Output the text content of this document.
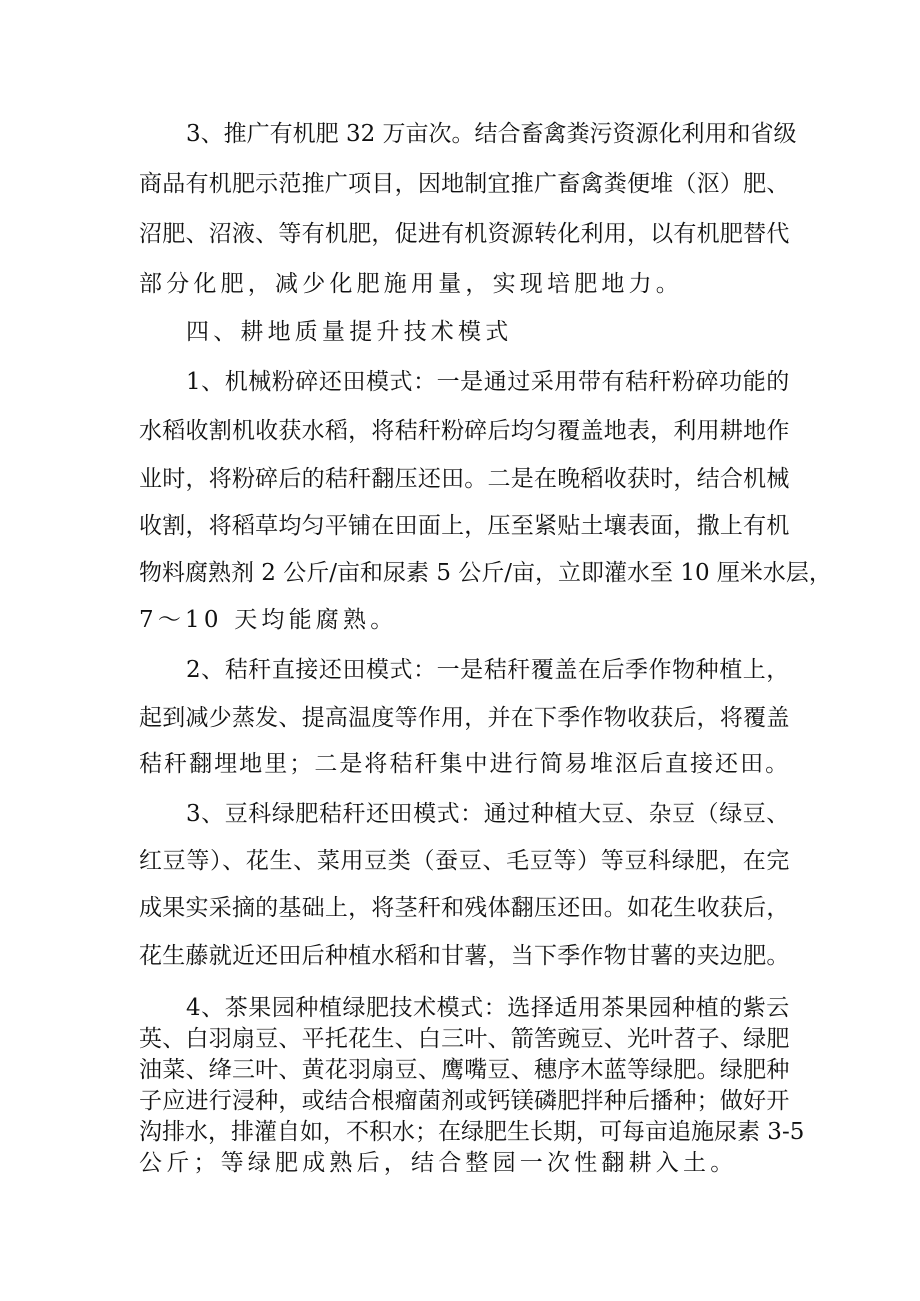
3、推广有机肥 32 万亩次。结合畜禽粪污资源化利用和省级
商品有机肥示范推广项目，因地制宜推广畜禽粪便堆（沤）肥、
沼肥、沼液、等有机肥，促进有机资源转化利用，以有机肥替代
部分化肥，减少化肥施用量，实现培肥地力。
四、耕地质量提升技术模式
1、机械粉碎还田模式：一是通过采用带有秸秆粉碎功能的
水稻收割机收获水稻，将秸秆粉碎后均匀覆盖地表，利用耕地作
业时，将粉碎后的秸秆翻压还田。二是在晚稻收获时，结合机械
收割，将稻草均匀平铺在田面上，压至紧贴土壤表面，撒上有机
物料腐熟剂 2 公斤/亩和尿素 5 公斤/亩，立即灌水至 10 厘米水层，
7～10 天均能腐熟。
2、秸秆直接还田模式：一是秸秆覆盖在后季作物种植上，
起到减少蒸发、提高温度等作用，并在下季作物收获后，将覆盖
秸秆翻埋地里；二是将秸秆集中进行简易堆沤后直接还田。
3、豆科绿肥秸秆还田模式：通过种植大豆、杂豆（绿豆、
红豆等）、花生、菜用豆类（蚕豆、毛豆等）等豆科绿肥，在完
成果实采摘的基础上，将茎秆和残体翻压还田。如花生收获后，
花生藤就近还田后种植水稻和甘薯，当下季作物甘薯的夹边肥。
4、茶果园种植绿肥技术模式：选择适用茶果园种植的紫云
英、白羽扇豆、平托花生、白三叶、箭筈豌豆、光叶苕子、绿肥
油菜、绛三叶、黄花羽扇豆、鹰嘴豆、穗序木蓝等绿肥。绿肥种
子应进行浸种，或结合根瘤菌剂或钙镁磷肥拌种后播种；做好开
沟排水，排灌自如，不积水；在绿肥生长期，可每亩追施尿素 3-5
公斤；等绿肥成熟后，结合整园一次性翻耕入土。
